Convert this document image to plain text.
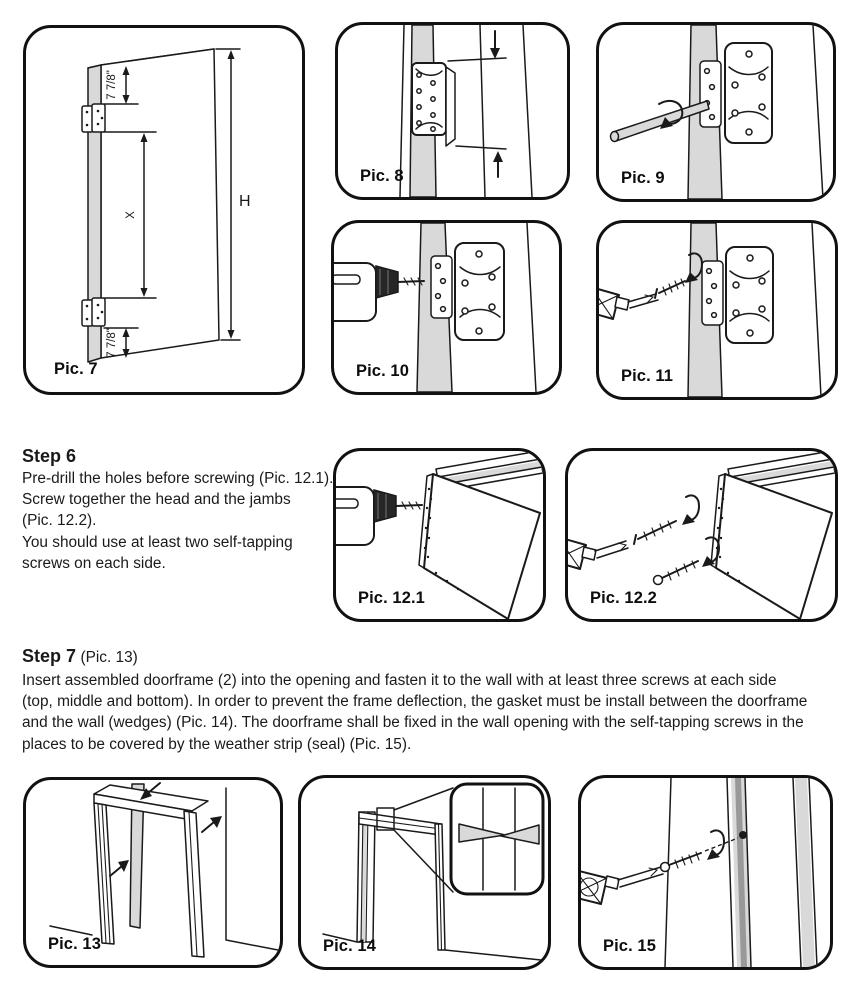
7 7/8"
X
7 7/8"
H
Pic. 7
Pic. 8	Pic. 9
Pic. 10	Pic. 11
Step 6
Pre-drill the holes before screwing (Pic. 12.1).
Screw together the head and the jambs
(Pic. 12.2).
You should use at least two self-tapping
screws on each side.
Pic. 12.1	Pic. 12.2
Step 7 (Pic. 13)
Insert assembled doorframe (2) into the opening and fasten it to the wall with at least three screws at each side
(top, middle and bottom). In order to prevent the frame deflection, the gasket must be install between the doorframe
and the wall (wedges) (Pic. 14). The doorframe shall be fixed in the wall opening with the self-tapping screws in the
places to be covered by the weather strip (seal) (Pic. 15).
Pic. 13	Pic. 14	Pic. 15
